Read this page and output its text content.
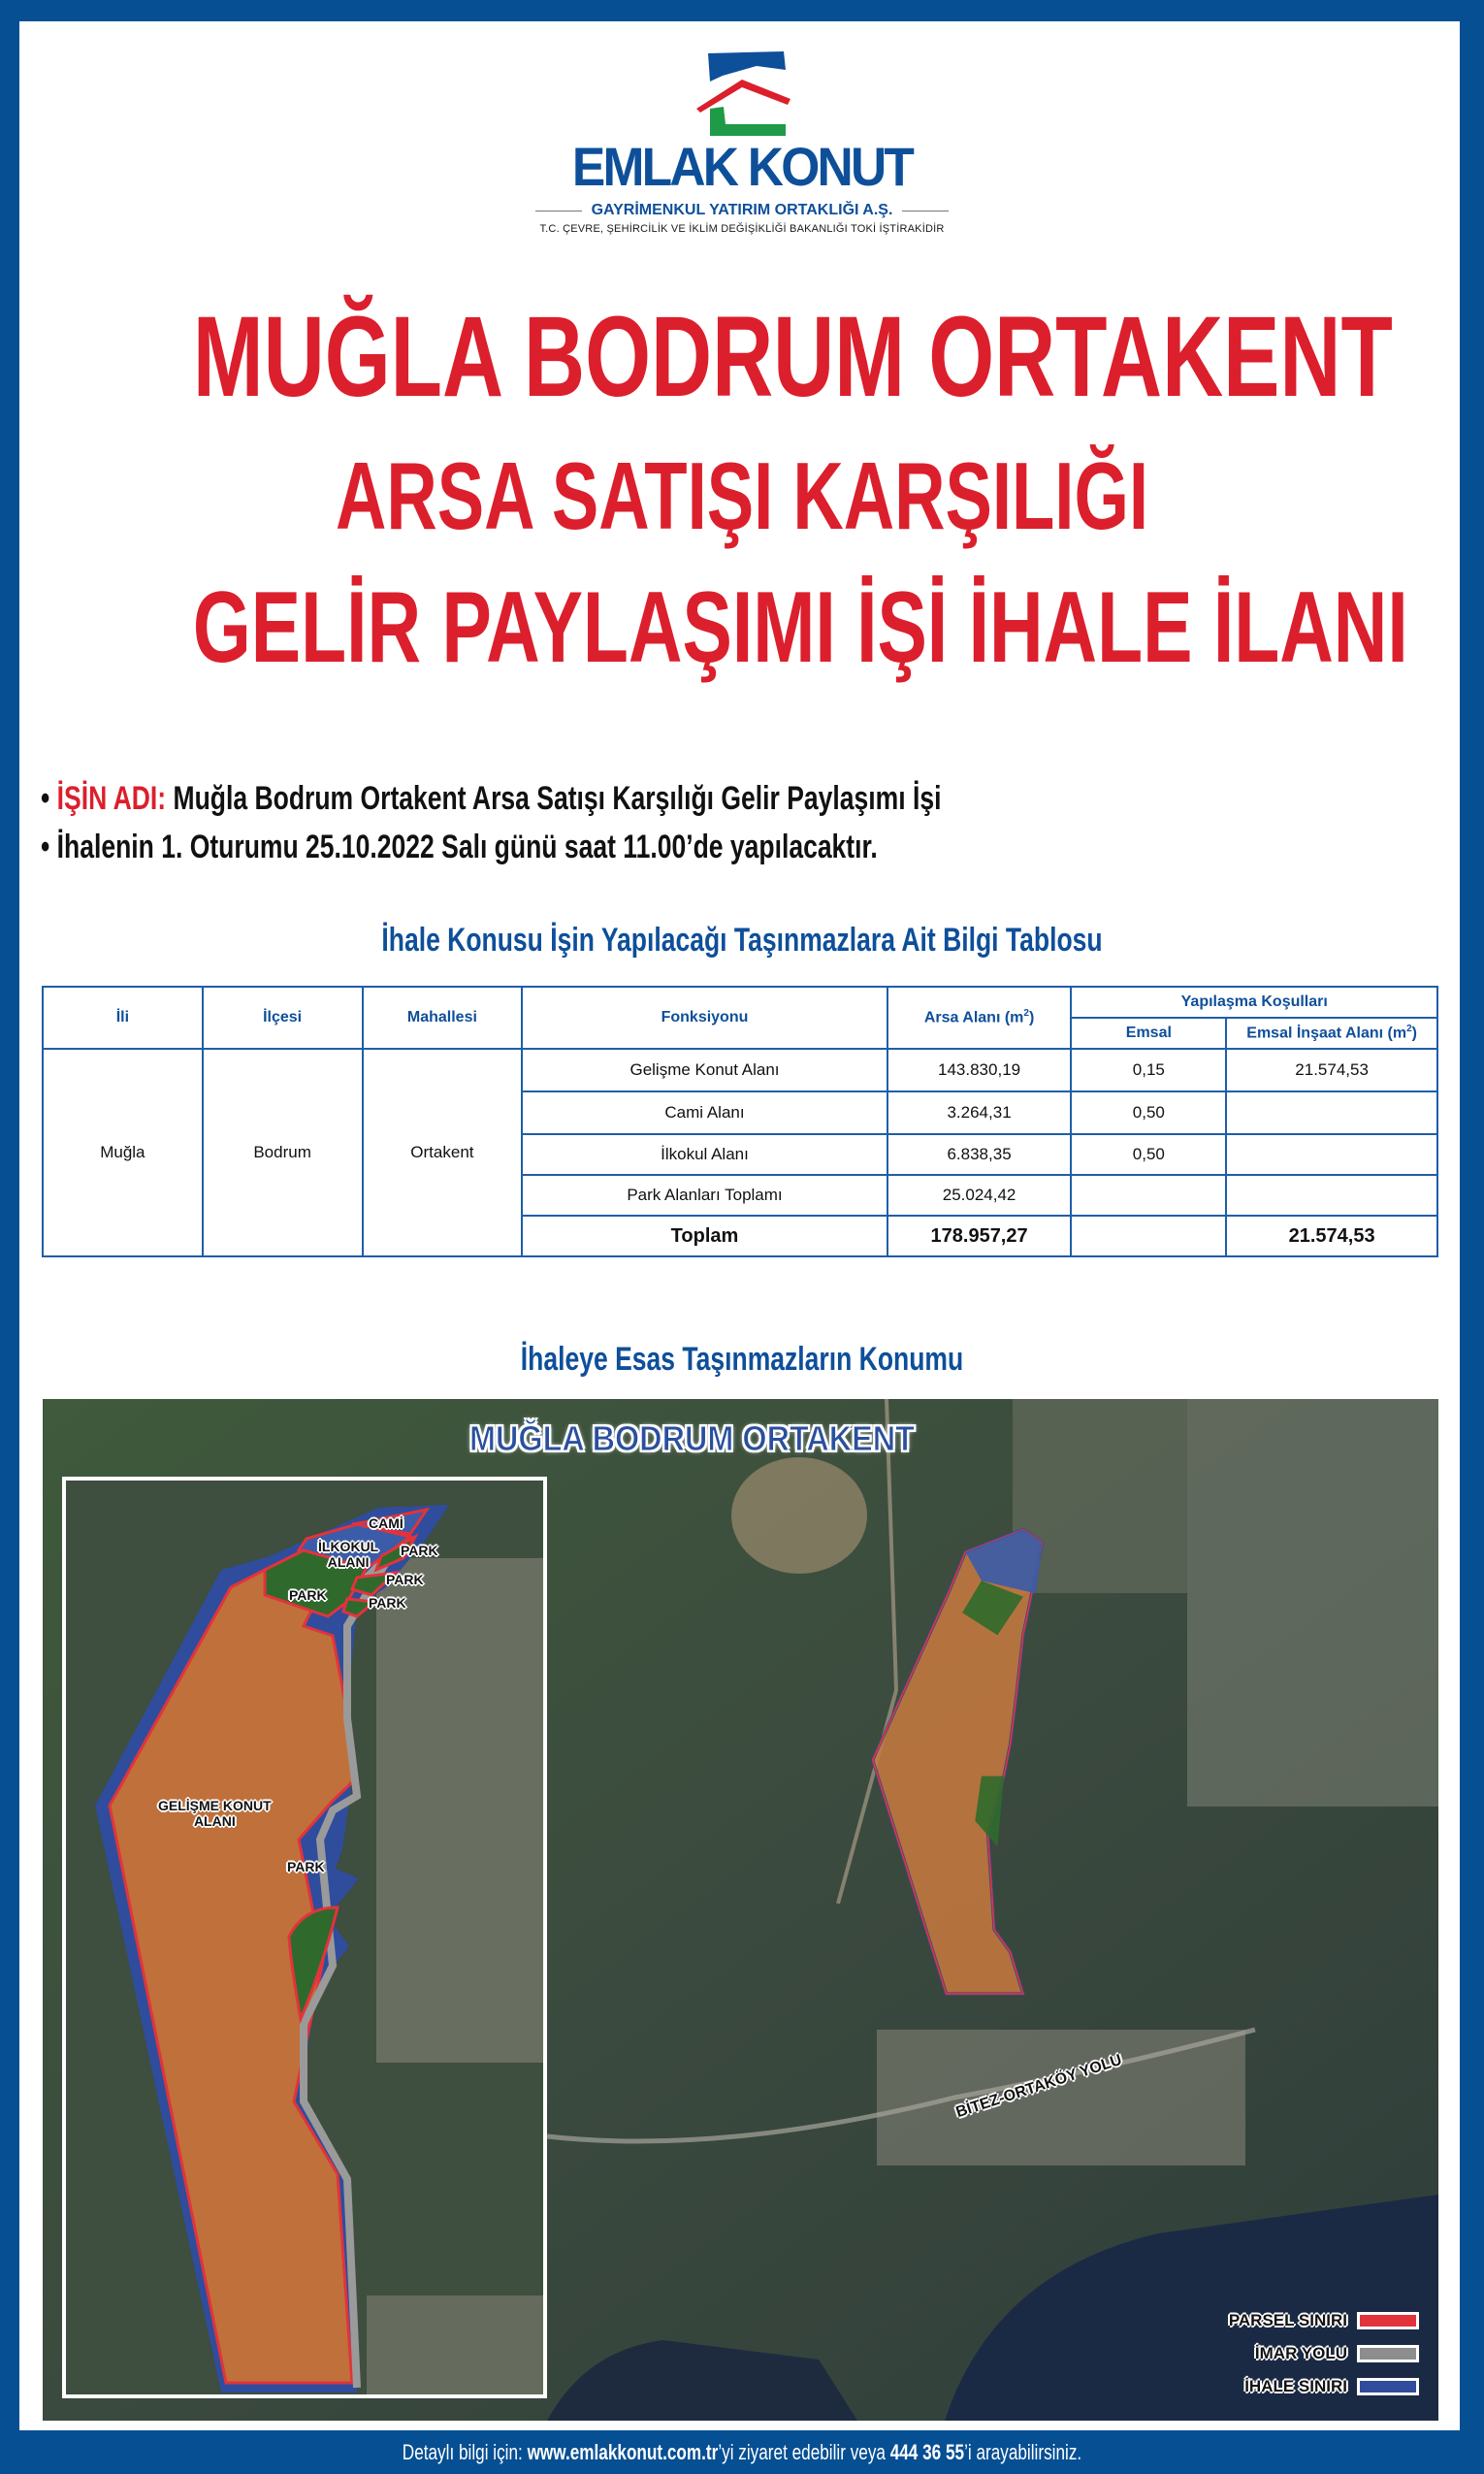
EMLAK KONUT
GAYRİMENKUL YATIRIM ORTAKLIĞI A.Ş.
T.C. ÇEVRE, ŞEHİRCİLİK VE İKLİM DEĞİŞİKLİĞİ BAKANLIĞI TOKİ İŞTİRAKİDİR
MUĞLA BODRUM ORTAKENT
ARSA SATIŞI KARŞILIĞI
GELİR PAYLAŞIMI İŞİ İHALE İLANI
• İŞİN ADI: Muğla Bodrum Ortakent Arsa Satışı Karşılığı Gelir Paylaşımı İşi
• İhalenin 1. Oturumu 25.10.2022 Salı günü saat 11.00’de yapılacaktır.
İhale Konusu İşin Yapılacağı Taşınmazlara Ait Bilgi Tablosu
İli	İlçesi	Mahallesi	Fonksiyonu	Arsa Alanı $(m^2)$	Yapılaşma Koşulları	
					Emsal	Emsal İnşaat Alanı $(m^2)$
Muğla	Bodrum	Ortakent	Gelişme Konut Alanı	143.830,19	0,15	21.574,53
			Cami Alanı	3.264,31	0,50	
			İlkokul Alanı	6.838,35	0,50	
			Park Alanları Toplamı	25.024,42		
			Toplam	178.957,27		21.574,53
İhaleye Esas Taşınmazların Konumu
MUĞLA BODRUM ORTAKENT
CAMİ
İLKOKUL
ALANI
PARK
PARK
PARK	PARK
GELİŞME KONUT
ALANI
PARK
BİTEZ-ORTAKÖY YOLU
PARSEL SINIRI
İMAR YOLU
İHALE SINIRI
Detaylı bilgi için: www.emlakkonut.com.tr’yi ziyaret edebilir veya 444 36 55’i arayabilirsiniz.
